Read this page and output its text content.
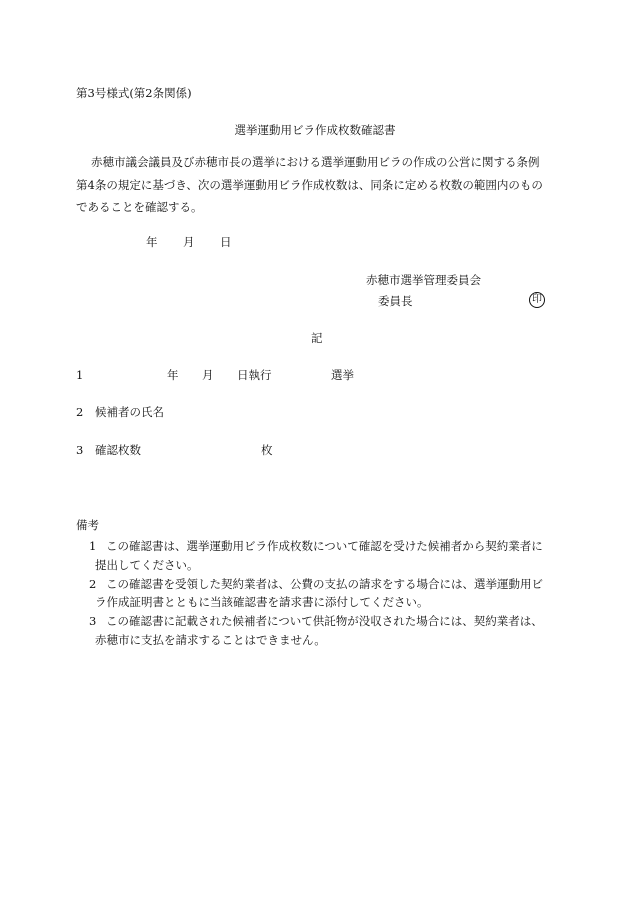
第3号様式(第2条関係)
選挙運動用ビラ作成枚数確認書
赤穂市議会議員及び赤穂市長の選挙における選挙運動用ビラの作成の公営に関する条例
第4条の規定に基づき、次の選挙運動用ビラ作成枚数は、同条に定める枚数の範囲内のもの
であることを確認する。
年 月 日
赤穂市選挙管理委員会
委員長	印
記
1	年 月 日執行	選挙
2 候補者の氏名
3 確認枚数	枚
備考
1 この確認書は、選挙運動用ビラ作成枚数について確認を受けた候補者から契約業者に
提出してください。
2 この確認書を受領した契約業者は、公費の支払の請求をする場合には、選挙運動用ビ
ラ作成証明書とともに当該確認書を請求書に添付してください。
3 この確認書に記載された候補者について供託物が没収された場合には、契約業者は、
赤穂市に支払を請求することはできません。
